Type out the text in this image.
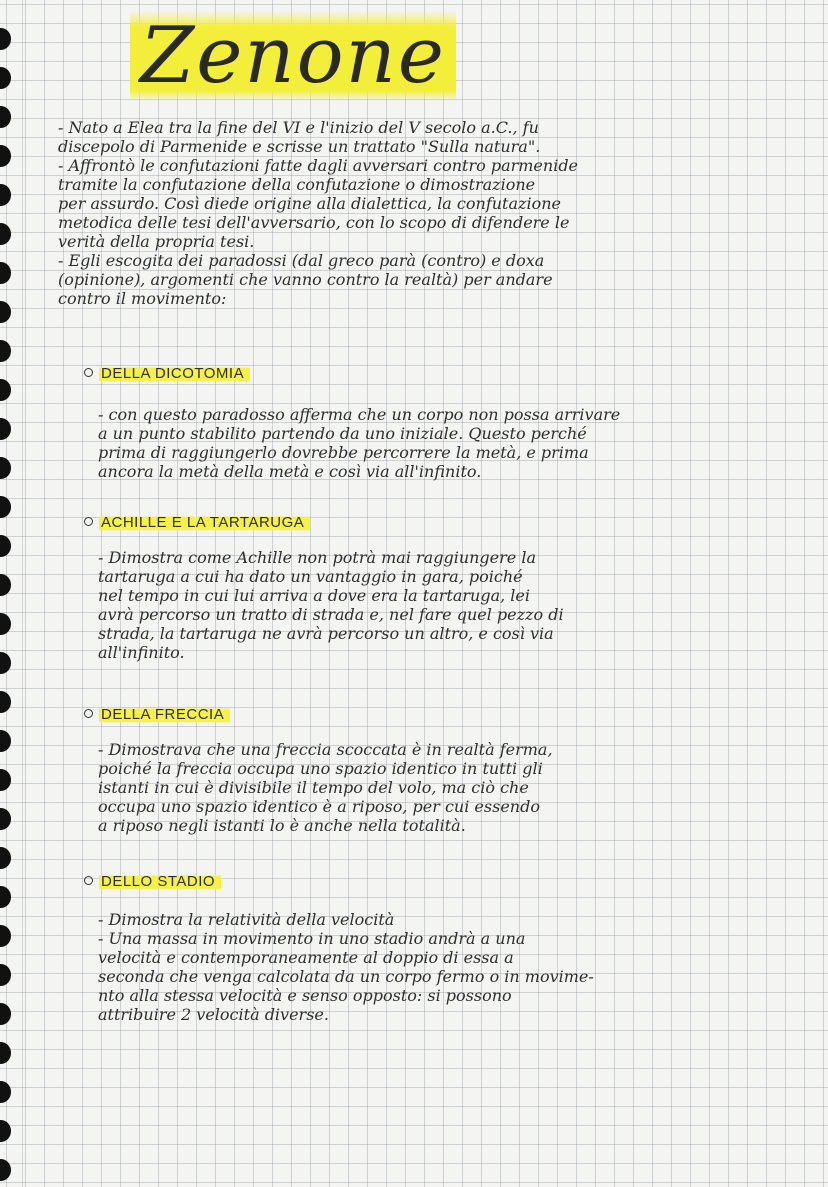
Zenone

- Nato a Elea tra la fine del VI e l'inizio del V secolo a.C., fu
discepolo di Parmenide e scrisse un trattato "Sulla natura".
- Affrontò le confutazioni fatte dagli avversari contro parmenide
tramite la confutazione della confutazione o dimostrazione
per assurdo. Così diede origine alla dialettica, la confutazione
metodica delle tesi dell'avversario, con lo scopo di difendere le
verità della propria tesi.
- Egli escogita dei paradossi (dal greco parà (contro) e doxa
(opinione), argomenti che vanno contro la realtà) per andare
contro il movimento:

DELLA DICOTOMIA
- con questo paradosso afferma che un corpo non possa arrivare
a un punto stabilito partendo da uno iniziale. Questo perché
prima di raggiungerlo dovrebbe percorrere la metà, e prima
ancora la metà della metà e così via all'infinito.
ACHILLE E LA TARTARUGA
- Dimostra come Achille non potrà mai raggiungere la
tartaruga a cui ha dato un vantaggio in gara, poiché
nel tempo in cui lui arriva a dove era la tartaruga, lei
avrà percorso un tratto di strada e, nel fare quel pezzo di
strada, la tartaruga ne avrà percorso un altro, e così via
all'infinito.
DELLA FRECCIA
- Dimostrava che una freccia scoccata è in realtà ferma,
poiché la freccia occupa uno spazio identico in tutti gli
istanti in cui è divisibile il tempo del volo, ma ciò che
occupa uno spazio identico è a riposo, per cui essendo
a riposo negli istanti lo è anche nella totalità.
DELLO STADIO
- Dimostra la relatività della velocità
- Una massa in movimento in uno stadio andrà a una
velocità e contemporaneamente al doppio di essa a
seconda che venga calcolata da un corpo fermo o in movime-
nto alla stessa velocità e senso opposto: si possono
attribuire 2 velocità diverse.
